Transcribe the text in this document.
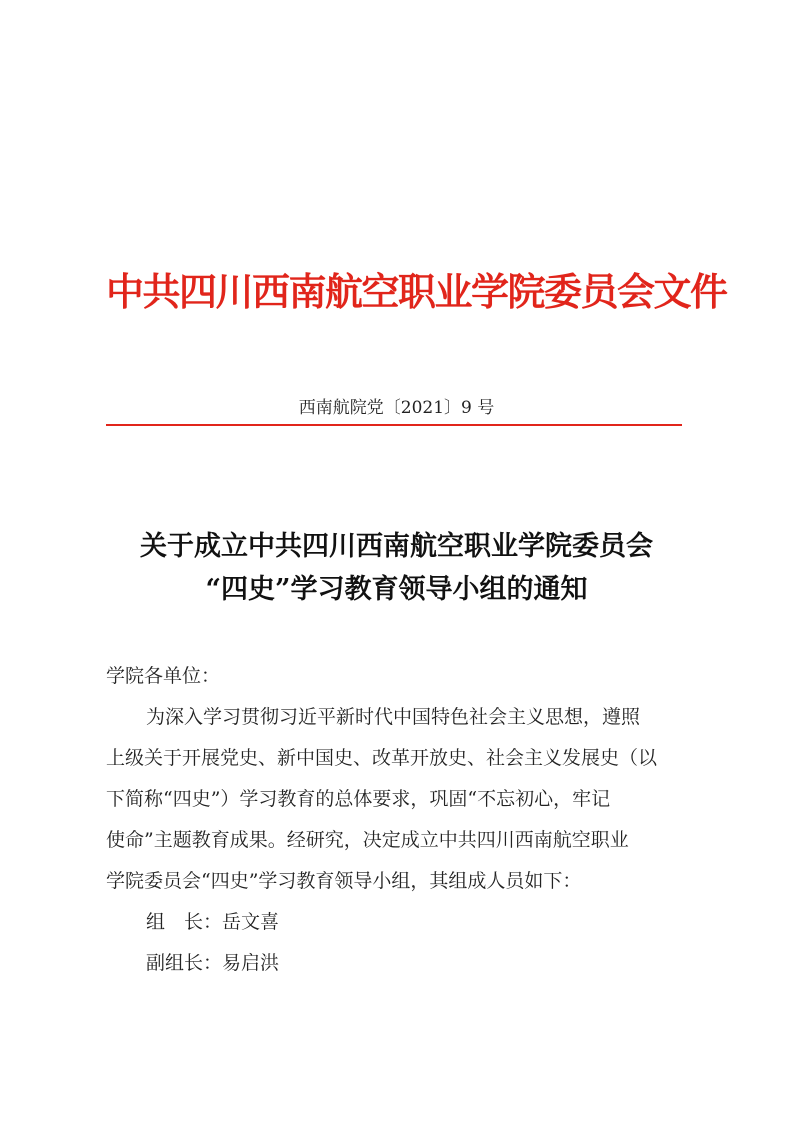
中共四川西南航空职业学院委员会文件
西南航院党〔2021〕9 号
关于成立中共四川西南航空职业学院委员会
“四史”学习教育领导小组的通知
学院各单位：
为深入学习贯彻习近平新时代中国特色社会主义思想，遵照
上级关于开展党史、新中国史、改革开放史、社会主义发展史（以
下简称“四史”）学习教育的总体要求，巩固“不忘初心，牢记
使命”主题教育成果。经研究，决定成立中共四川西南航空职业
学院委员会“四史”学习教育领导小组，其组成人员如下：
组　长：岳文喜
副组长：易启洪
